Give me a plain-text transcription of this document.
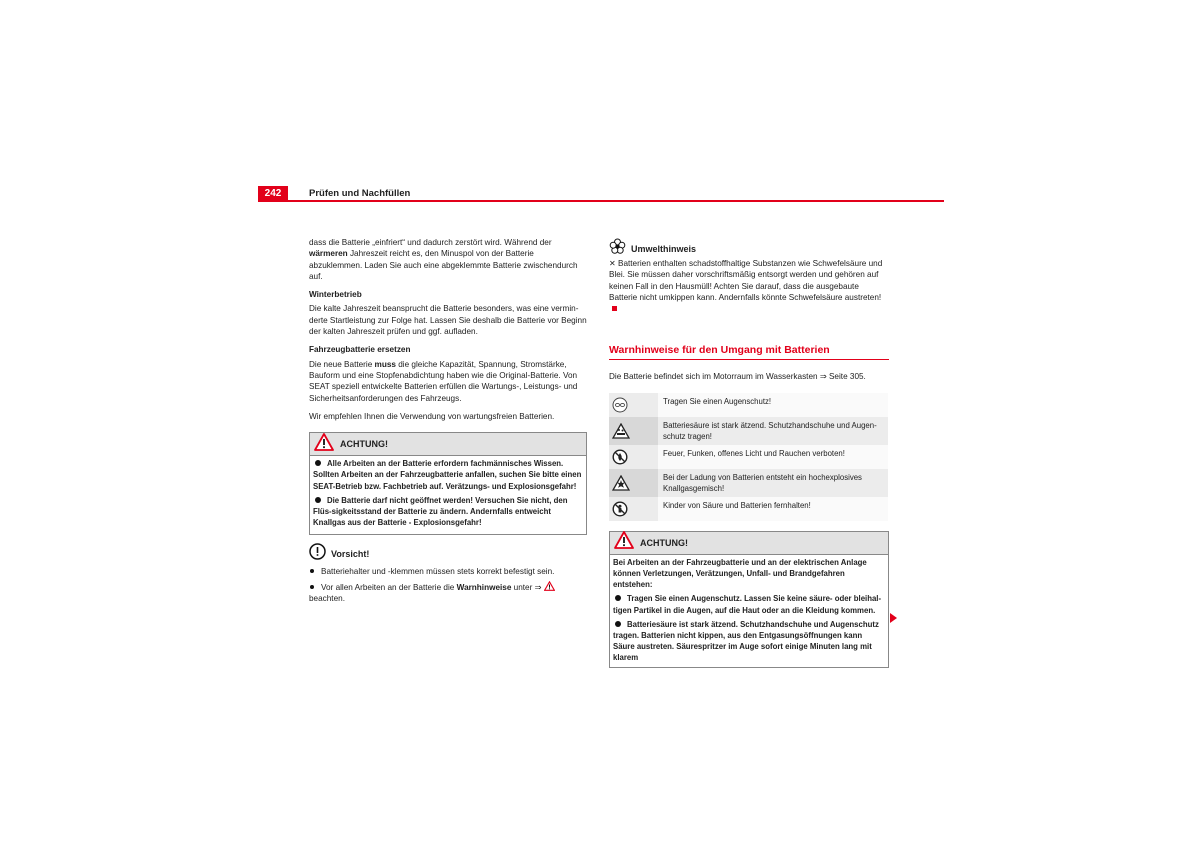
242	Prüfen und Nachfüllen

dass die Batterie „einfriert“ und dadurch zerstört wird. Während der wärmeren Jahreszeit reicht es, den Minuspol von der Batterie abzuklemmen. Laden Sie auch eine abgeklemmte Batterie zwischendurch auf.

Winterbetrieb

Die kalte Jahreszeit beansprucht die Batterie besonders, was eine vermin-derte Startleistung zur Folge hat. Lassen Sie deshalb die Batterie vor Beginn der kalten Jahreszeit prüfen und ggf. aufladen.

Fahrzeugbatterie ersetzen

Die neue Batterie muss die gleiche Kapazität, Spannung, Stromstärke, Bauform und eine Stopfenabdichtung haben wie die Original-Batterie. Von SEAT speziell entwickelte Batterien erfüllen die Wartungs-, Leistungs- und Sicherheitsanforderungen des Fahrzeugs.

Wir empfehlen Ihnen die Verwendung von wartungsfreien Batterien.

ACHTUNG!

Alle Arbeiten an der Batterie erfordern fachmännisches Wissen. Sollten Arbeiten an der Fahrzeugbatterie anfallen, suchen Sie bitte einen SEAT-Betrieb bzw. Fachbetrieb auf. Verätzungs- und Explosionsgefahr!

Die Batterie darf nicht geöffnet werden! Versuchen Sie nicht, den Flüs-sigkeitsstand der Batterie zu ändern. Andernfalls entweicht Knallgas aus der Batterie - Explosionsgefahr!

Vorsicht!

Batteriehalter und -klemmen müssen stets korrekt befestigt sein.

Vor allen Arbeiten an der Batterie die Warnhinweise unter ⇒
beachten.

Umwelthinweis

✕ Batterien enthalten schadstoffhaltige Substanzen wie Schwefelsäure und Blei. Sie müssen daher vorschriftsmäßig entsorgt werden und gehören auf keinen Fall in den Hausmüll! Achten Sie darauf, dass die ausgebaute Batterie nicht umkippen kann. Andernfalls könnte Schwefelsäure austreten!

Warnhinweise für den Umgang mit Batterien

Die Batterie befindet sich im Motorraum im Wasserkasten ⇒ Seite 305.

Tragen Sie einen Augenschutz!
Batteriesäure ist stark ätzend. Schutzhandschuhe und Augen-schutz tragen!
Feuer, Funken, offenes Licht und Rauchen verboten!
Bei der Ladung von Batterien entsteht ein hochexplosives Knallgasgemisch!
Kinder von Säure und Batterien fernhalten!
ACHTUNG!

Bei Arbeiten an der Fahrzeugbatterie und an der elektrischen Anlage können Verletzungen, Verätzungen, Unfall- und Brandgefahren entstehen:

Tragen Sie einen Augenschutz. Lassen Sie keine säure- oder bleihal-tigen Partikel in die Augen, auf die Haut oder an die Kleidung kommen.

Batteriesäure ist stark ätzend. Schutzhandschuhe und Augenschutz tragen. Batterien nicht kippen, aus den Entgasungsöffnungen kann Säure austreten. Säurespritzer im Auge sofort einige Minuten lang mit klarem
